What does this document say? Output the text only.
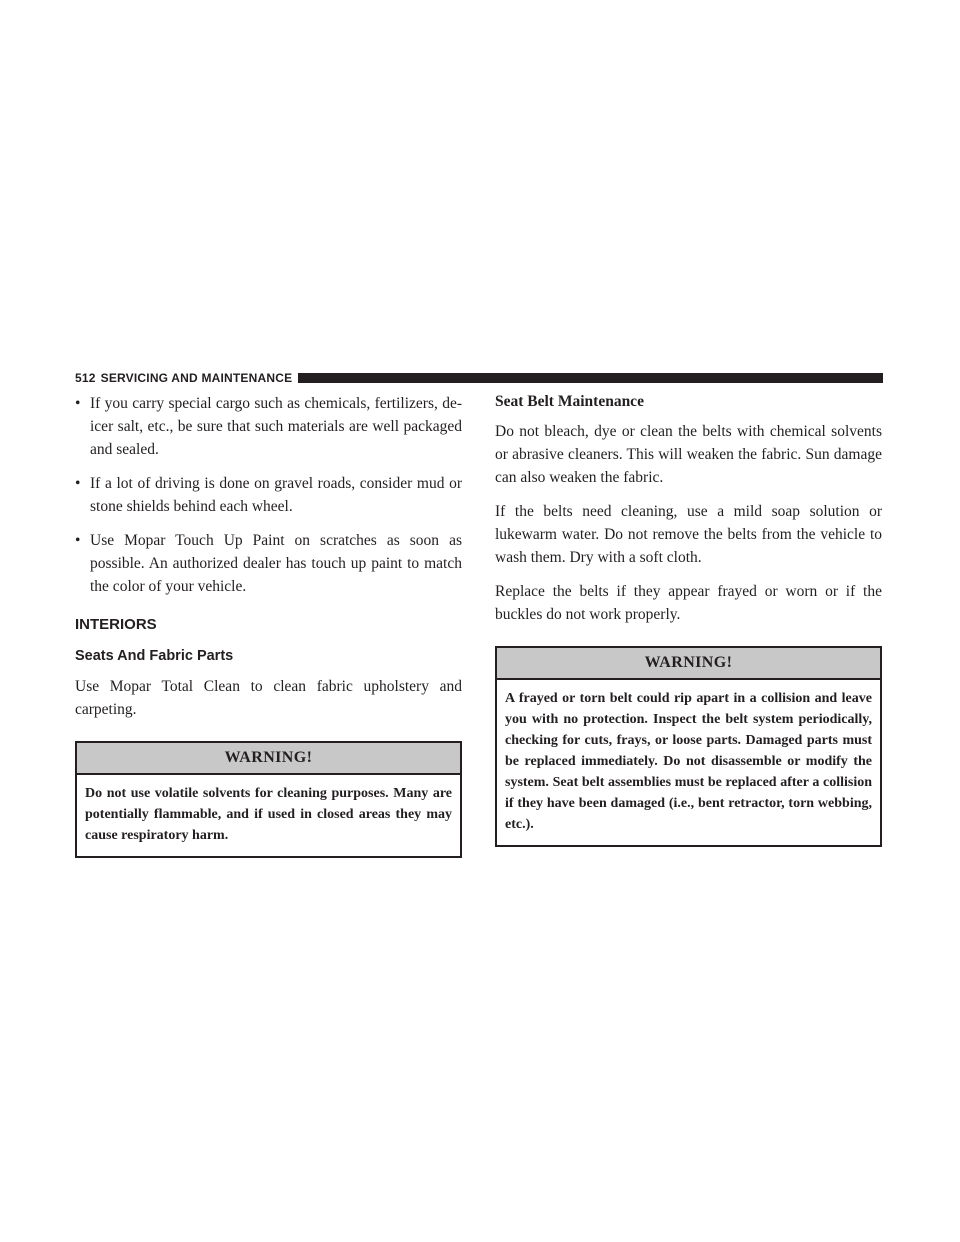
512 SERVICING AND MAINTENANCE
• If you carry special cargo such as chemicals, fertilizers, de-icer salt, etc., be sure that such materials are well packaged and sealed.
• If a lot of driving is done on gravel roads, consider mud or stone shields behind each wheel.
• Use Mopar Touch Up Paint on scratches as soon as possible. An authorized dealer has touch up paint to match the color of your vehicle.
INTERIORS
Seats And Fabric Parts

Use Mopar Total Clean to clean fabric upholstery and carpeting.

WARNING!
Do not use volatile solvents for cleaning purposes. Many are potentially flammable, and if used in closed areas they may cause respiratory harm.
Seat Belt Maintenance

Do not bleach, dye or clean the belts with chemical solvents or abrasive cleaners. This will weaken the fabric. Sun damage can also weaken the fabric.

If the belts need cleaning, use a mild soap solution or lukewarm water. Do not remove the belts from the vehicle to wash them. Dry with a soft cloth.

Replace the belts if they appear frayed or worn or if the buckles do not work properly.

WARNING!
A frayed or torn belt could rip apart in a collision and leave you with no protection. Inspect the belt system periodically, checking for cuts, frays, or loose parts. Damaged parts must be replaced immediately. Do not disassemble or modify the system. Seat belt assemblies must be replaced after a collision if they have been damaged (i.e., bent retractor, torn webbing, etc.).
